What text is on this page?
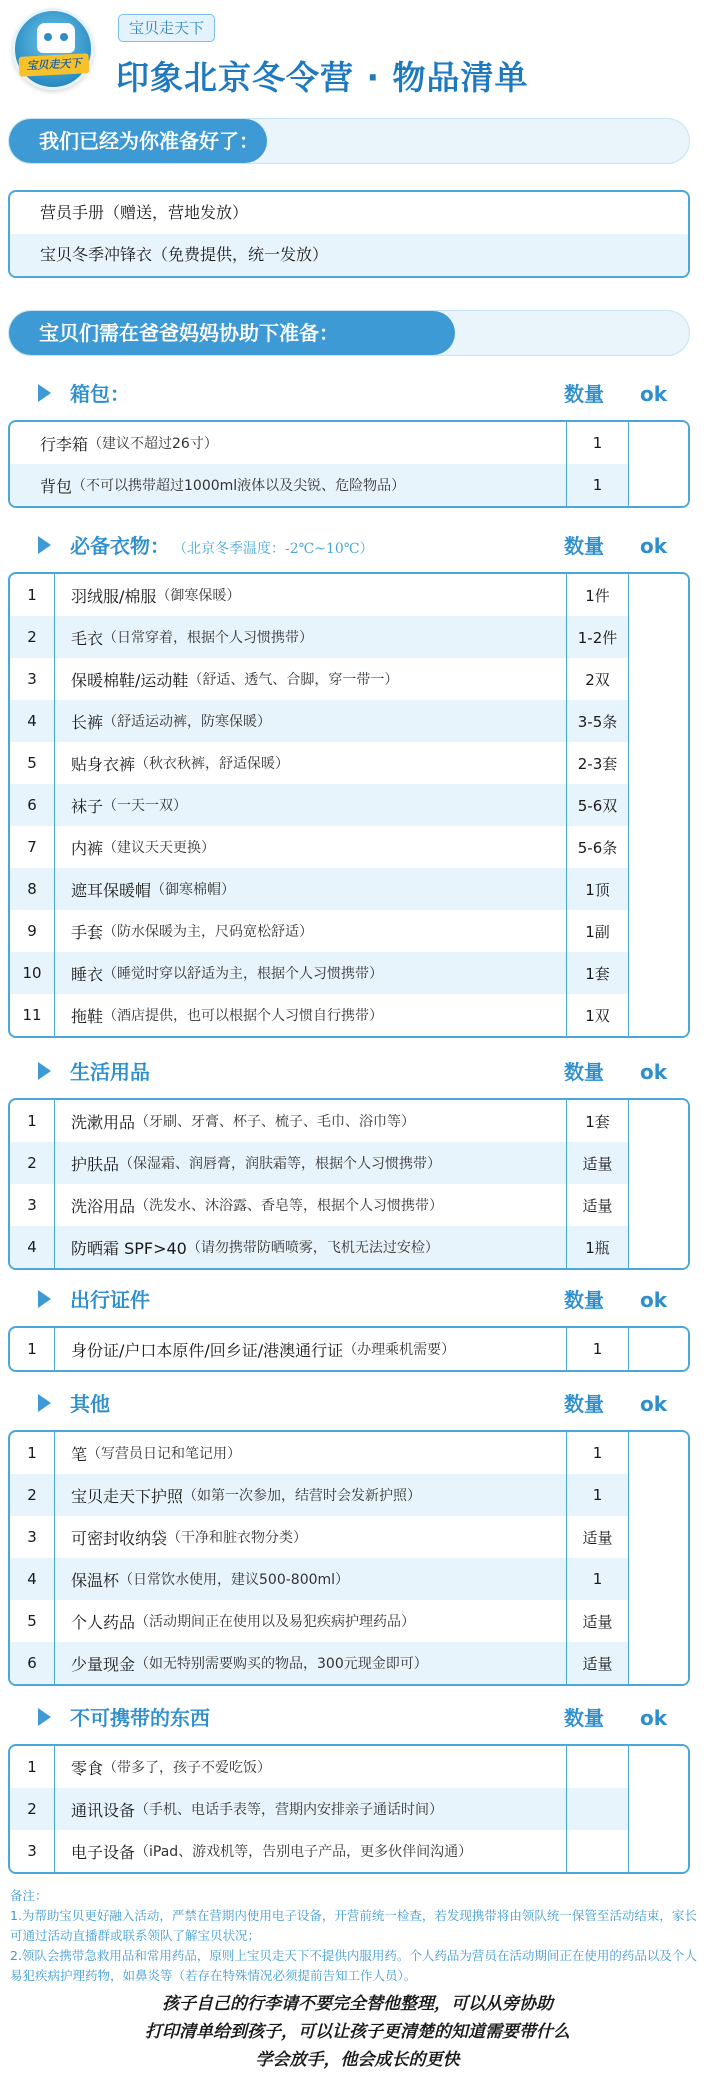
宝贝走天下
宝贝走天下
印象北京冬令营 · 物品清单
我们已经为你准备好了：
营员手册（赠送，营地发放）
宝贝冬季冲锋衣（免费提供，统一发放）
宝贝们需在爸爸妈妈协助下准备：
箱包：	数量 ok
行李箱 （建议不超过26寸）	1
背包 （不可以携带超过1000ml液体以及尖锐、危险物品）	1
必备衣物： （北京冬季温度：-2℃~10℃）	数量 ok
1	羽绒服/棉服 （御寒保暖）	1件
2	毛衣 （日常穿着，根据个人习惯携带）	1-2件
3	保暖棉鞋/运动鞋 （舒适、透气、合脚，穿一带一）	2双
4	长裤 （舒适运动裤，防寒保暖）	3-5条
5	贴身衣裤 （秋衣秋裤，舒适保暖）	2-3套
6	袜子 （一天一双）	5-6双
7	内裤 （建议天天更换）	5-6条
8	遮耳保暖帽 （御寒棉帽）	1顶
9	手套 （防水保暖为主，尺码宽松舒适）	1副
10	睡衣 （睡觉时穿以舒适为主，根据个人习惯携带）	1套
11	拖鞋 （酒店提供，也可以根据个人习惯自行携带）	1双
生活用品	数量 ok
1	洗漱用品 （牙刷、牙膏、杯子、梳子、毛巾、浴巾等）	1套
2	护肤品 （保湿霜、润唇膏，润肤霜等，根据个人习惯携带）	适量
3	洗浴用品 （洗发水、沐浴露、香皂等，根据个人习惯携带）	适量
4	防晒霜 SPF>40 （请勿携带防晒喷雾，飞机无法过安检）	1瓶
出行证件	数量 ok
1	身份证/户口本原件/回乡证/港澳通行证 （办理乘机需要）	1
其他	数量 ok
1	笔 （写营员日记和笔记用）	1
2	宝贝走天下护照 （如第一次参加，结营时会发新护照）	1
3	可密封收纳袋 （干净和脏衣物分类）	适量
4	保温杯 （日常饮水使用，建议500-800ml）	1
5	个人药品 （活动期间正在使用以及易犯疾病护理药品）	适量
6	少量现金 （如无特别需要购买的物品，300元现金即可）	适量
不可携带的东西	数量 ok
1	零食 （带多了，孩子不爱吃饭）
2	通讯设备 （手机、电话手表等，营期内安排亲子通话时间）
3	电子设备 （iPad、游戏机等，告别电子产品，更多伙伴间沟通）
备注：
1.为帮助宝贝更好融入活动，严禁在营期内使用电子设备，开营前统一检查，若发现携带将由领队统一保管至活动结束，家长可通过活动直播群或联系领队了解宝贝状况；
2.领队会携带急救用品和常用药品，原则上宝贝走天下不提供内服用药。个人药品为营员在活动期间正在使用的药品以及个人易犯疾病护理药物，如鼻炎等（若存在特殊情况必须提前告知工作人员）。
孩子自己的行李请不要完全替他整理，可以从旁协助
打印清单给到孩子，可以让孩子更清楚的知道需要带什么
学会放手，他会成长的更快
